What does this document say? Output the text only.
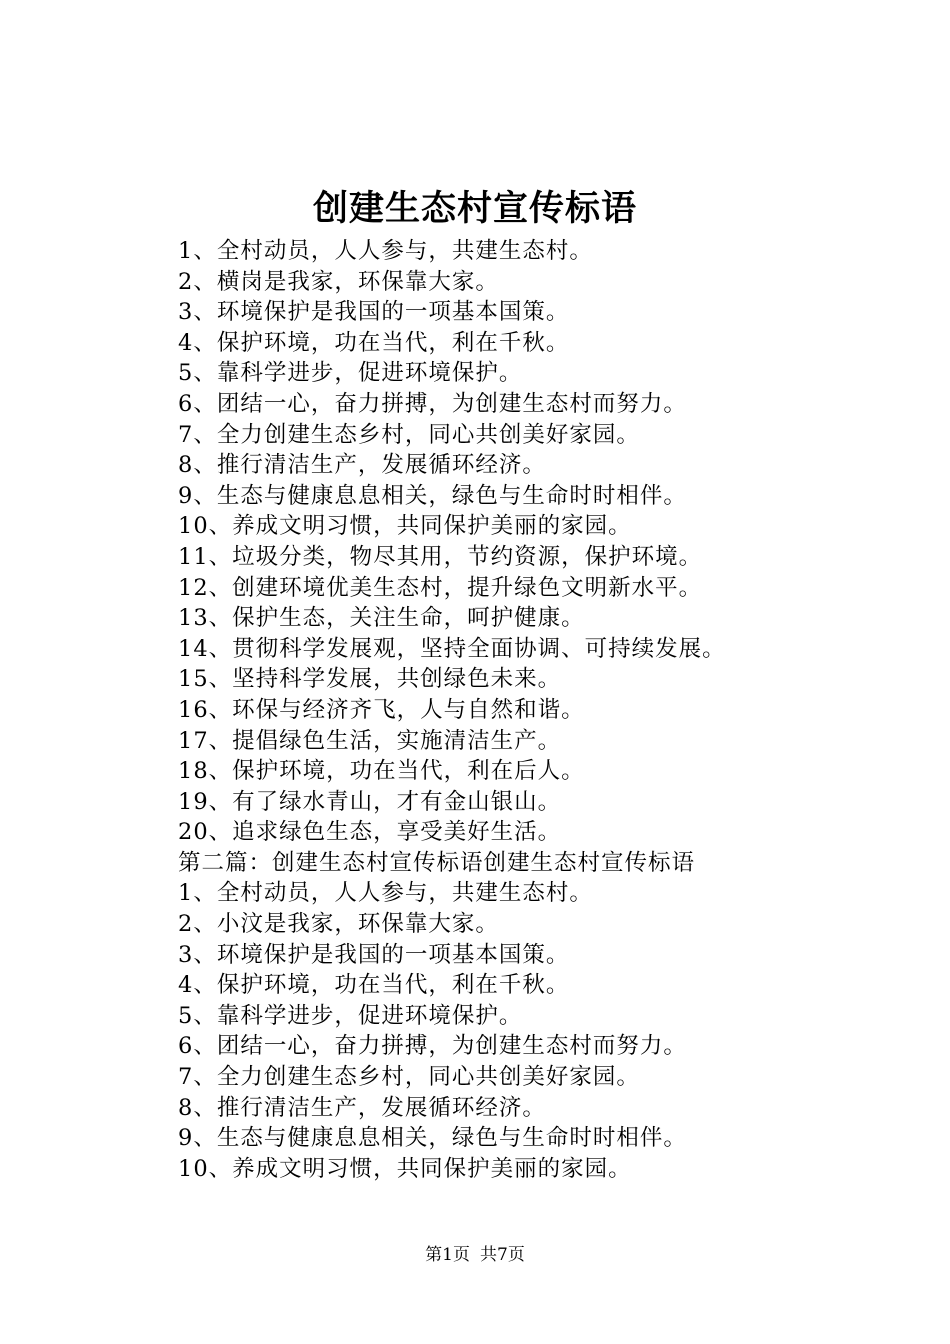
创建生态村宣传标语
1、全村动员，人人参与，共建生态村。
2、横岗是我家，环保靠大家。
3、环境保护是我国的一项基本国策。
4、保护环境，功在当代，利在千秋。
5、靠科学进步，促进环境保护。
6、团结一心，奋力拼搏，为创建生态村而努力。
7、全力创建生态乡村，同心共创美好家园。
8、推行清洁生产，发展循环经济。
9、生态与健康息息相关，绿色与生命时时相伴。
10、养成文明习惯，共同保护美丽的家园。
11、垃圾分类，物尽其用，节约资源，保护环境。
12、创建环境优美生态村，提升绿色文明新水平。
13、保护生态，关注生命，呵护健康。
14、贯彻科学发展观，坚持全面协调、可持续发展。
15、坚持科学发展，共创绿色未来。
16、环保与经济齐飞，人与自然和谐。
17、提倡绿色生活，实施清洁生产。
18、保护环境，功在当代，利在后人。
19、有了绿水青山，才有金山银山。
20、追求绿色生态，享受美好生活。
第二篇：创建生态村宣传标语创建生态村宣传标语
1、全村动员，人人参与，共建生态村。
2、小汶是我家，环保靠大家。
3、环境保护是我国的一项基本国策。
4、保护环境，功在当代，利在千秋。
5、靠科学进步，促进环境保护。
6、团结一心，奋力拼搏，为创建生态村而努力。
7、全力创建生态乡村，同心共创美好家园。
8、推行清洁生产，发展循环经济。
9、生态与健康息息相关，绿色与生命时时相伴。
10、养成文明习惯，共同保护美丽的家园。
第1页 共7页
